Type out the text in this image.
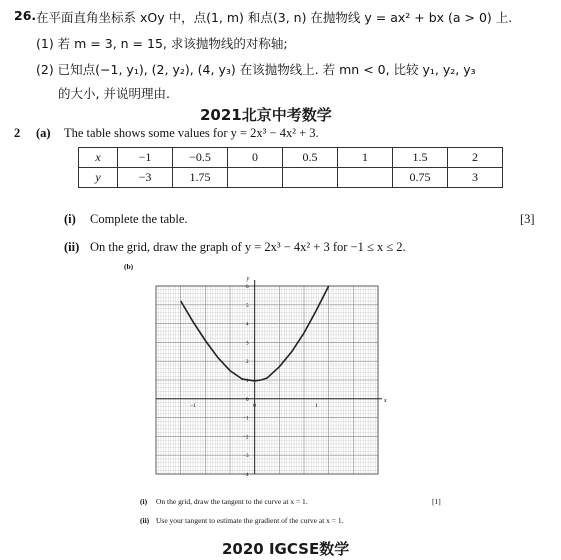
26. 在平面直角坐标系 xOy 中，点(1, m) 和点(3, n) 在抛物线 y = ax² + bx (a > 0) 上.
(1) 若 m = 3, n = 15, 求该抛物线的对称轴;
(2) 已知点(−1, y₁), (2, y₂), (4, y₃) 在该抛物线上. 若 mn < 0, 比较 y₁, y₂, y₃
的大小, 并说明理由.
2021北京中考数学
2 (a) The table shows some values for y = 2x³ − 4x² + 3.
x	−1	−0.5	0	0.5	1	1.5	2
y	−3	1.75				0.75	3
(i) Complete the table.	[3]
(ii) On the grid, draw the graph of y = 2x³ − 4x² + 3 for −1 ≤ x ≤ 2.
(b)
x
y
6
5
4
3
2
1
0
−1
−2
−3
−4
−1	0	1
(i) On the grid, draw the tangent to the curve at x = 1.	[1]
(ii) Use your tangent to estimate the gradient of the curve at x = 1.
2020 IGCSE数学
